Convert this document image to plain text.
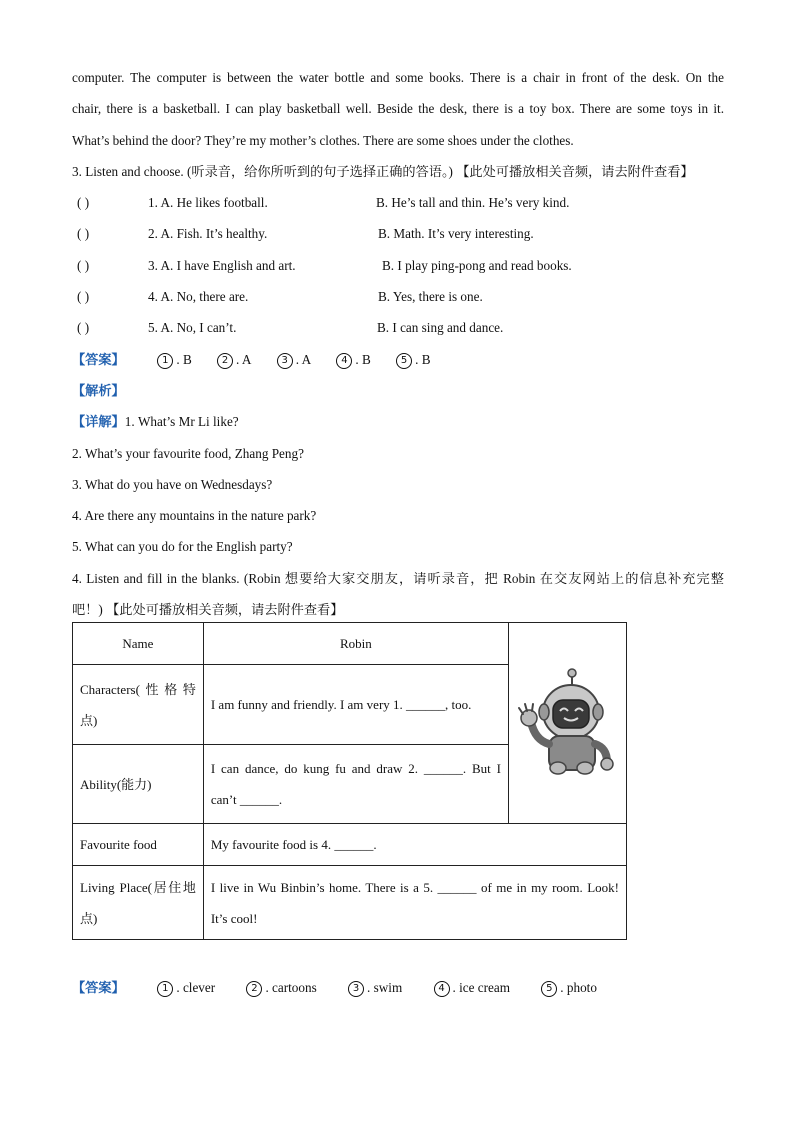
computer. The computer is between the water bottle and some books. There is a chair in front of the desk. On the
chair, there is a basketball. I can play basketball well. Beside the desk, there is a toy box. There are some toys in it.
What’s behind the door? They’re my mother’s clothes. There are some shoes under the clothes.
3. Listen and choose. (听录音，给你所听到的句子选择正确的答语。) 【此处可播放相关音频，请去附件查看】
( )	1. A. He likes football.	B. He’s tall and thin. He’s very kind.
( )	2. A. Fish. It’s healthy.	B. Math. It’s very interesting.
( )	3. A. I have English and art.	B. I play ping-pong and read books.
( )	4. A. No, there are.	B. Yes, there is one.
( )	5. A. No, I can’t.	B. I can sing and dance.
【答案】	1 . B	2 . A	3 . A	4 . B	5 . B
【解析】
【详解】1. What’s Mr Li like?
2. What’s your favourite food, Zhang Peng?
3. What do you have on Wednesdays?
4. Are there any mountains in the nature park?
5. What can you do for the English party?
4. Listen and fill in the blanks. (Robin 想要给大家交朋友，请听录音，把 Robin 在交友网站上的信息补充完整
吧！) 【此处可播放相关音频，请去附件查看】
Name	Robin	

Characters(性格特点)	I am funny and friendly. I am very 1. ______, too.	
Ability(能力)	I can dance, do kung fu and draw 2. ______. But I can’t ______.	
Favourite food	My favourite food is 4. ______.	
Living Place(居住地点)	I live in Wu Binbin’s home. There is a 5. ______ of me in my room. Look! It’s cool!	
【答案】	1 . clever	2 . cartoons	3 . swim	4 . ice cream	5 . photo
